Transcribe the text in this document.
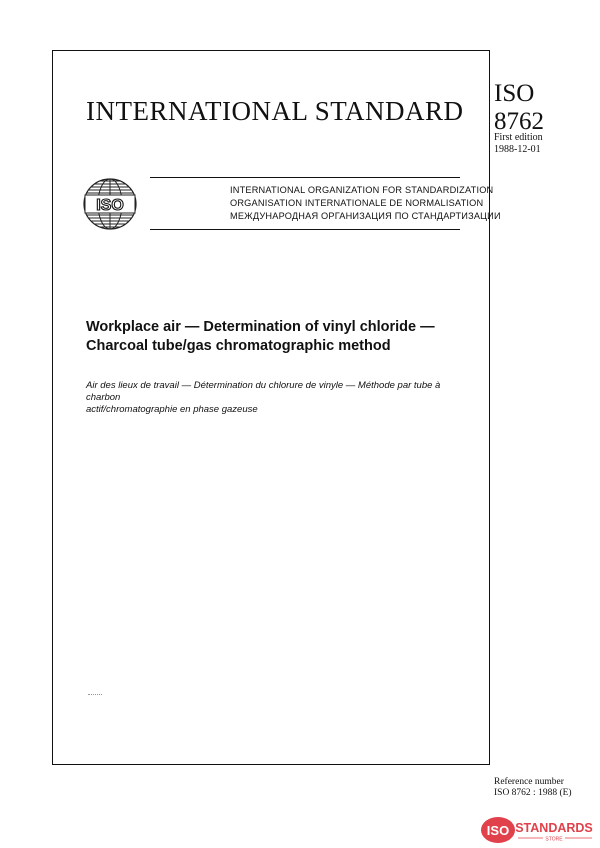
INTERNATIONAL STANDARD
ISO
8762
First edition
1988-12-01
ISO
INTERNATIONAL ORGANIZATION FOR STANDARDIZATION
ORGANISATION INTERNATIONALE DE NORMALISATION
МЕЖДУНАРОДНАЯ ОРГАНИЗАЦИЯ ПО СТАНДАРТИЗАЦИИ
Workplace air — Determination of vinyl chloride —
Charcoal tube/gas chromatographic method
Air des lieux de travail — Détermination du chlorure de vinyle — Méthode par tube à charbon
actif/chromatographie en phase gazeuse
Reference number
ISO 8762 : 1988 (E)
ISO STANDARDS
STORE
